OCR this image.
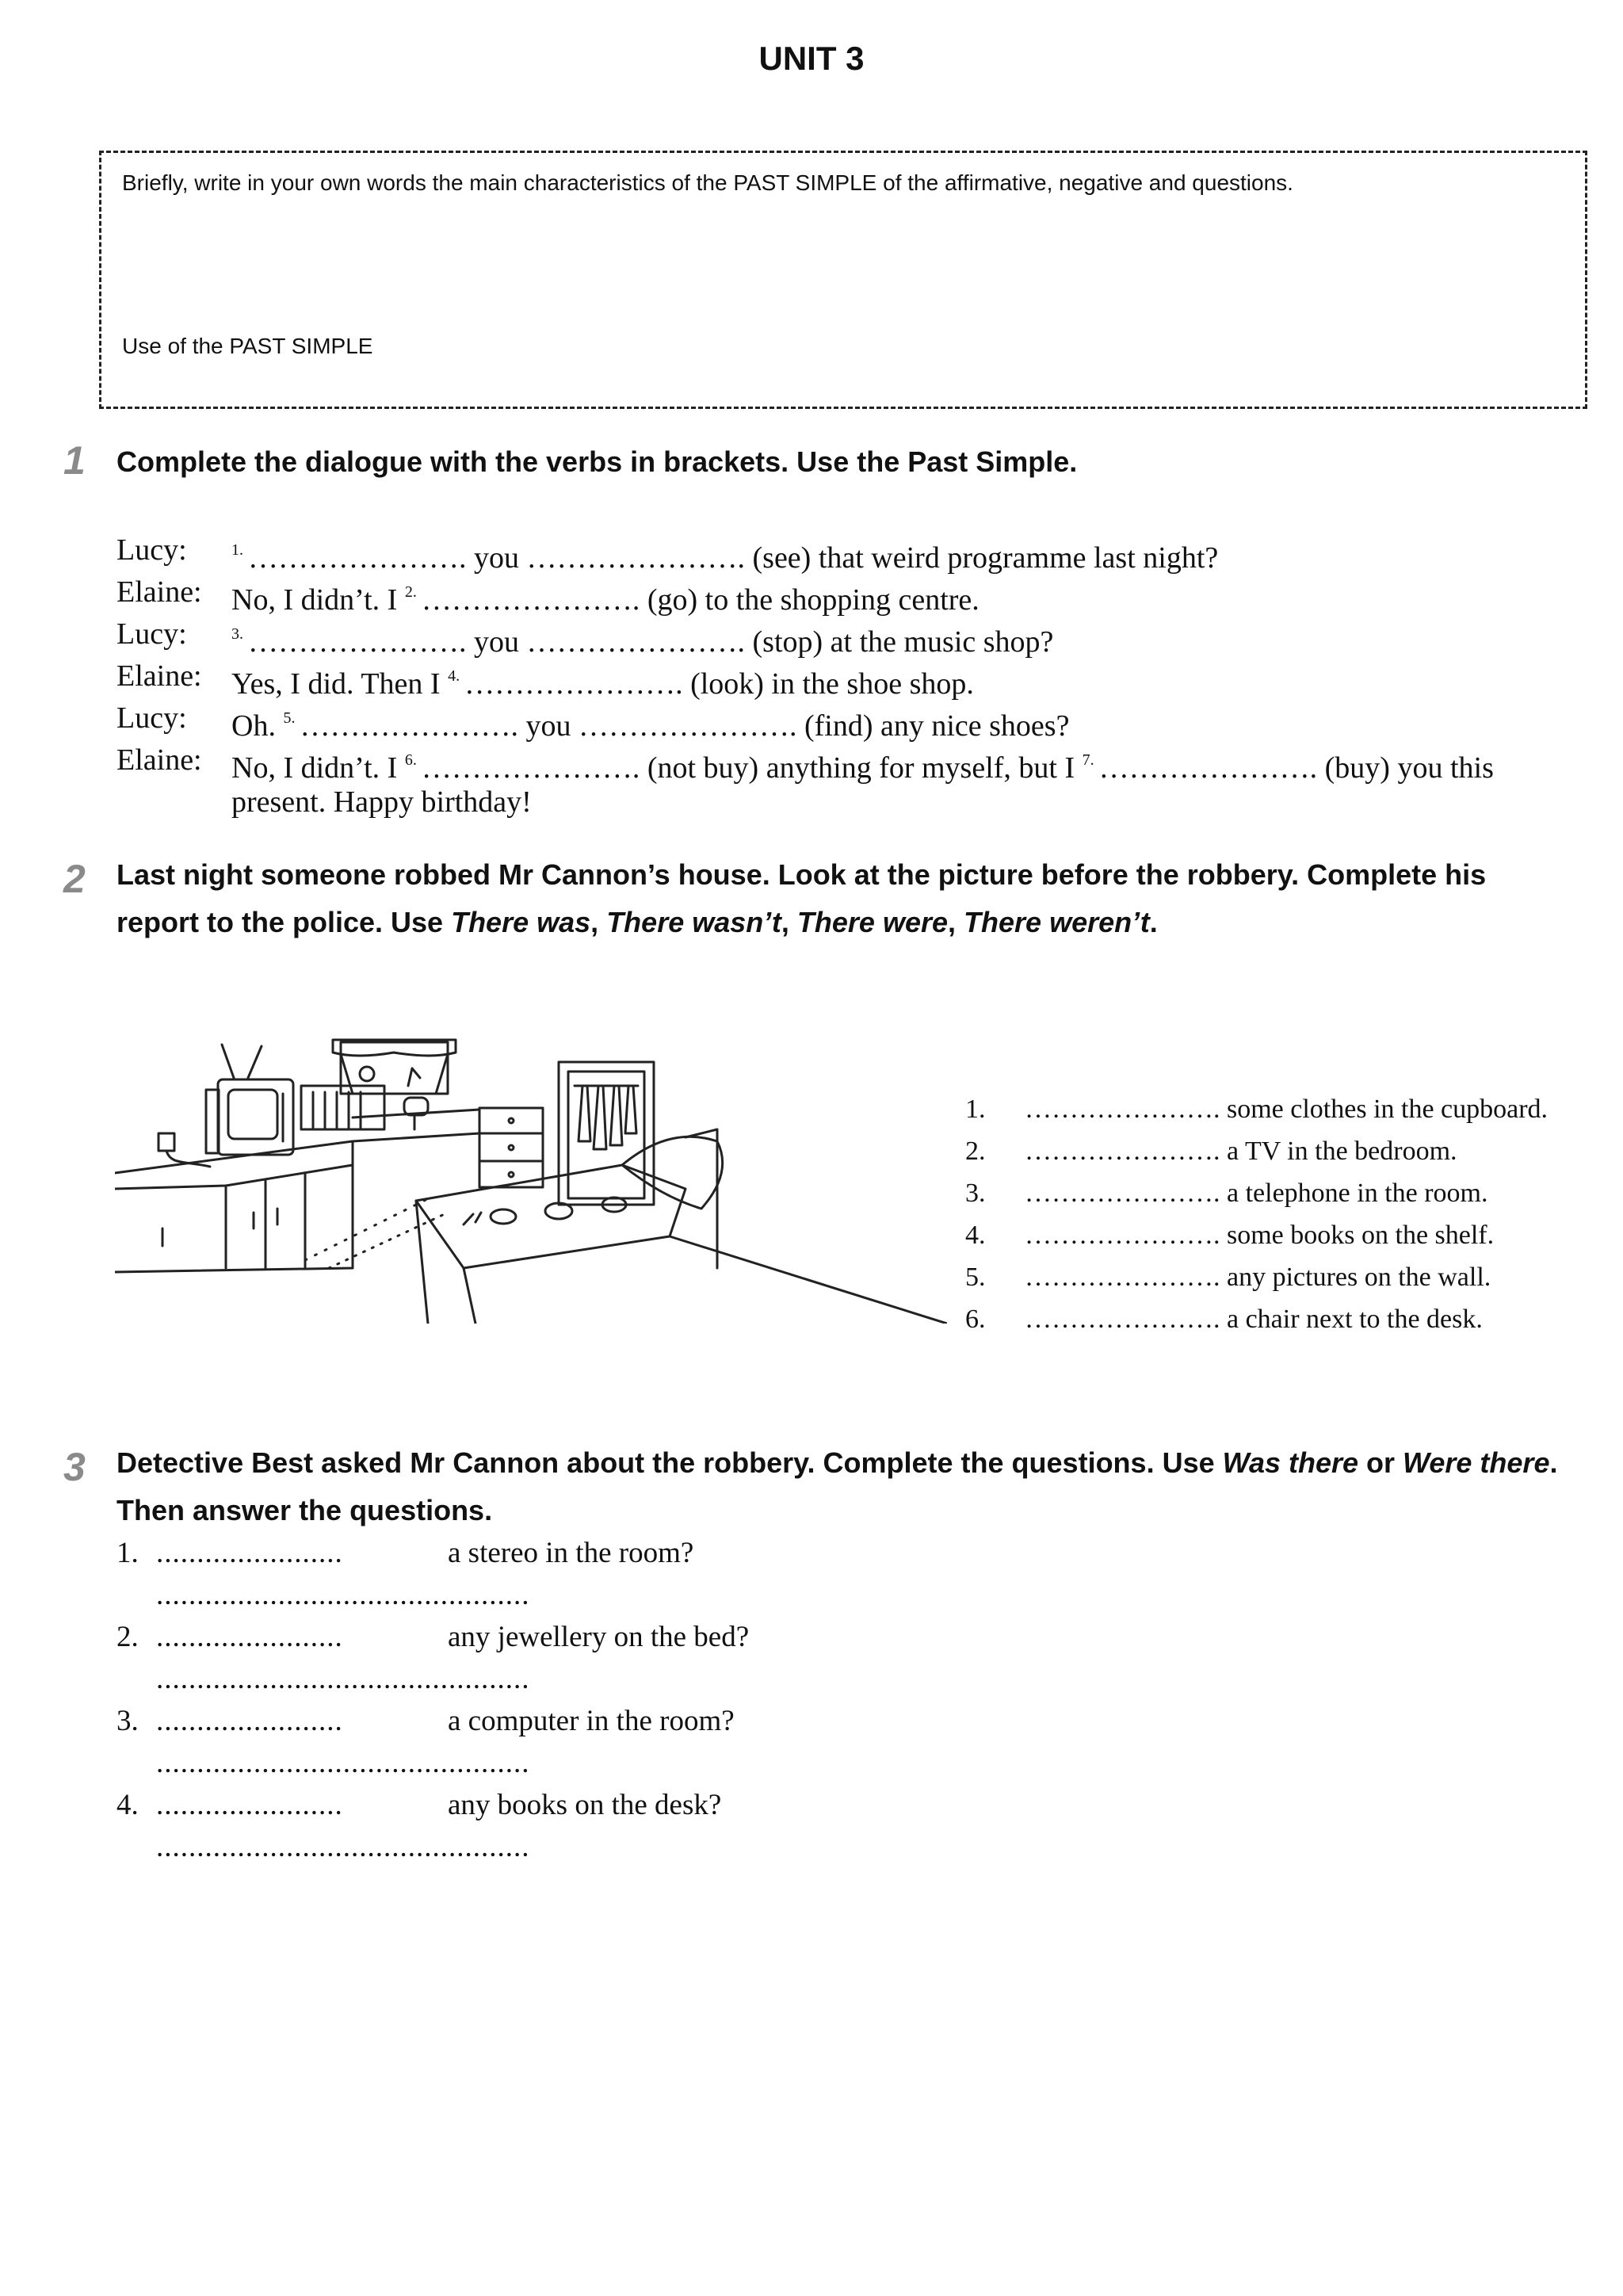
UNIT 3
Briefly, write in your own words the main characteristics of the PAST SIMPLE of the affirmative, negative and questions.
Use of the PAST SIMPLE
1 Complete the dialogue with the verbs in brackets. Use the Past Simple.
Lucy:	$^{1.}$ …………………. you …………………. (see) that weird programme last night?
Elaine: No, I didn’t. I $^{2.}$ …………………. (go) to the shopping centre.
Lucy:	$^{3.}$ …………………. you …………………. (stop) at the music shop?
Elaine: Yes, I did. Then I $^{4.}$ …………………. (look) in the shoe shop.
Lucy: Oh. $^{5.}$ …………………. you …………………. (find) any nice shoes?
Elaine: No, I didn’t. I $^{6.}$ …………………. (not buy) anything for myself, but I $^{7.}$ …………………. (buy) you this
present. Happy birthday!
2 Last night someone robbed Mr Cannon’s house. Look at the picture before the robbery. Complete his report to the police. Use There was, There wasn’t, There were, There weren’t.
1. …………………. some clothes in the cupboard.
2. …………………. a TV in the bedroom.
3. …………………. a telephone in the room.
4. …………………. some books on the shelf.
5. …………………. any pictures on the wall.
6. …………………. a chair next to the desk.
3 Detective Best asked Mr Cannon about the robbery. Complete the questions. Use Was there or Were there. Then answer the questions.
1. .......................	a stereo in the room?
..............................................
2. .......................	any jewellery on the bed?
..............................................
3. .......................	a computer in the room?
..............................................
4. .......................	any books on the desk?
..............................................
